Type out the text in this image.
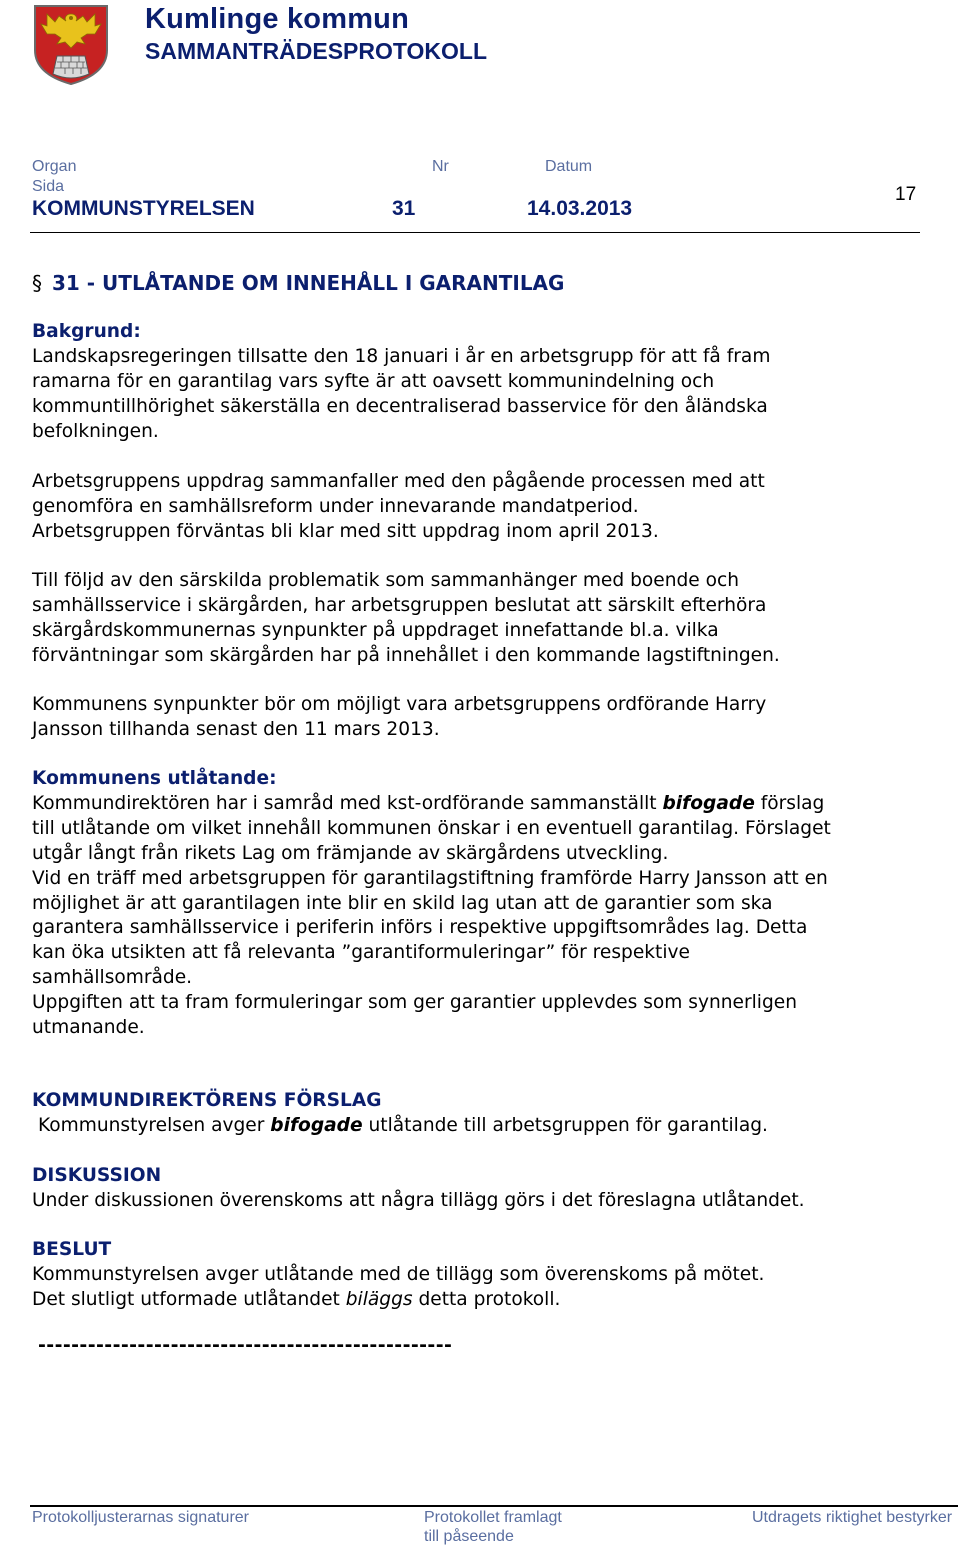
Kumlinge kommun
SAMMANTRÄDESPROTOKOLL
Organ	Nr	Datum
Sida
KOMMUNSTYRELSEN	31	14.03.2013
17
§ 31 - UTLÅTANDE OM INNEHÅLL I GARANTILAG

Bakgrund:

Landskapsregeringen tillsatte den 18 januari i år en arbetsgrupp för att få fram

ramarna för en garantilag vars syfte är att oavsett kommunindelning och

kommuntillhörighet säkerställa en decentraliserad basservice för den åländska

befolkningen.

Arbetsgruppens uppdrag sammanfaller med den pågående processen med att

genomföra en samhällsreform under innevarande mandatperiod.

Arbetsgruppen förväntas bli klar med sitt uppdrag inom april 2013.

Till följd av den särskilda problematik som sammanhänger med boende och

samhällsservice i skärgården, har arbetsgruppen beslutat att särskilt efterhöra

skärgårdskommunernas synpunkter på uppdraget innefattande bl.a. vilka

förväntningar som skärgården har på innehållet i den kommande lagstiftningen.

Kommunens synpunkter bör om möjligt vara arbetsgruppens ordförande Harry

Jansson tillhanda senast den 11 mars 2013.

Kommunens utlåtande:

Kommundirektören har i samråd med kst-ordförande sammanställt bifogade förslag

till utlåtande om vilket innehåll kommunen önskar i en eventuell garantilag. Förslaget

utgår långt från rikets Lag om främjande av skärgårdens utveckling.

Vid en träff med arbetsgruppen för garantilagstiftning framförde Harry Jansson att en

möjlighet är att garantilagen inte blir en skild lag utan att de garantier som ska

garantera samhällsservice i periferin införs i respektive uppgiftsområdes lag. Detta

kan öka utsikten att få relevanta ”garantiformuleringar” för respektive

samhällsområde.

Uppgiften att ta fram formuleringar som ger garantier upplevdes som synnerligen

utmanande.

KOMMUNDIREKTÖRENS FÖRSLAG

Kommunstyrelsen avger bifogade utlåtande till arbetsgruppen för garantilag.

DISKUSSION

Under diskussionen överenskoms att några tillägg görs i det föreslagna utlåtandet.

BESLUT

Kommunstyrelsen avger utlåtande med de tillägg som överenskoms på mötet.

Det slutligt utformade utlåtandet biläggs detta protokoll.

--------------------------------------------------
Protokolljusterarnas signaturer	Protokollet framlagt
till påseende
Utdragets riktighet bestyrker
